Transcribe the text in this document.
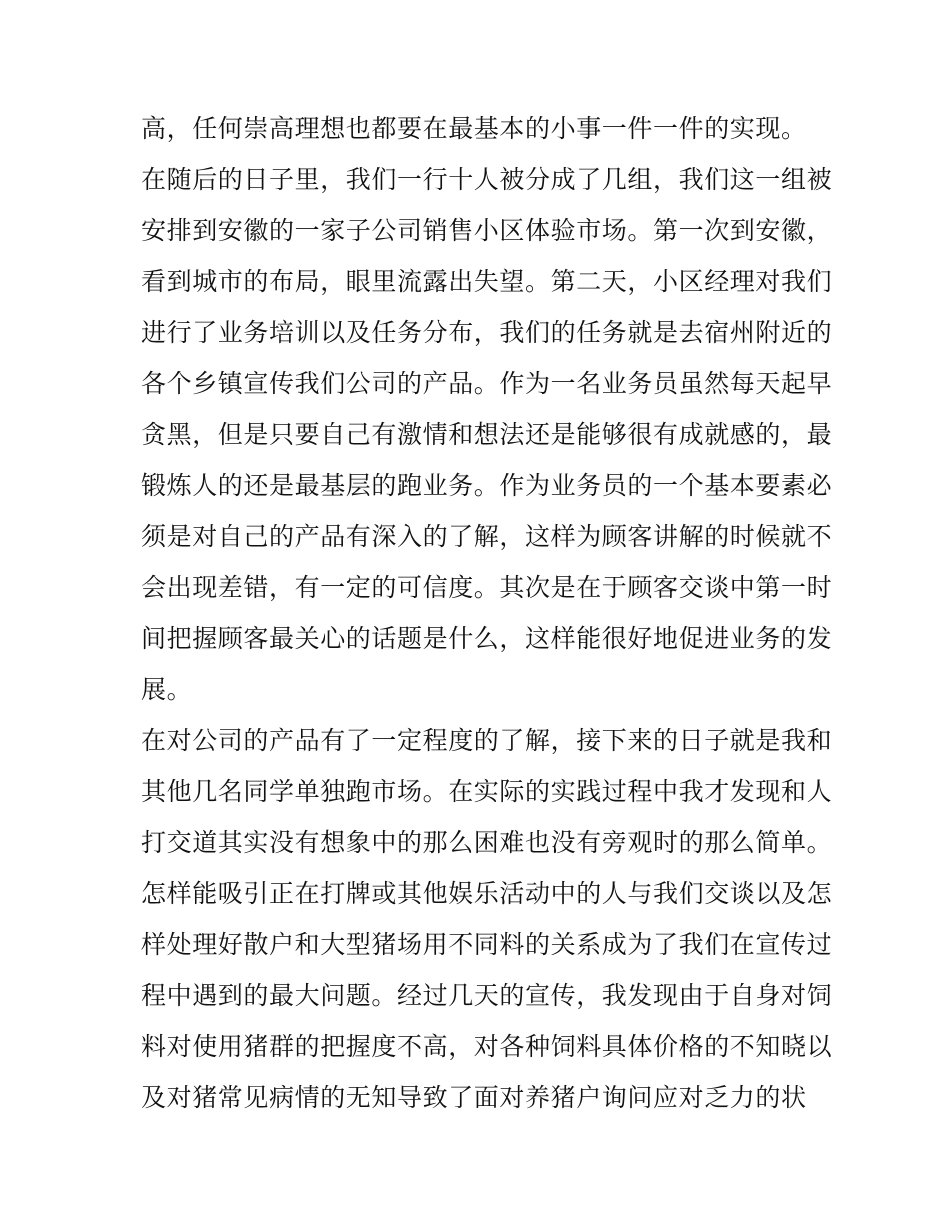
高，任何崇高理想也都要在最基本的小事一件一件的实现。
在随后的日子里，我们一行十人被分成了几组，我们这一组被
安排到安徽的一家子公司销售小区体验市场。第一次到安徽，
看到城市的布局，眼里流露出失望。第二天，小区经理对我们
进行了业务培训以及任务分布，我们的任务就是去宿州附近的
各个乡镇宣传我们公司的产品。作为一名业务员虽然每天起早
贪黑，但是只要自己有激情和想法还是能够很有成就感的，最
锻炼人的还是最基层的跑业务。作为业务员的一个基本要素必
须是对自己的产品有深入的了解，这样为顾客讲解的时候就不
会出现差错，有一定的可信度。其次是在于顾客交谈中第一时
间把握顾客最关心的话题是什么，这样能很好地促进业务的发
展。
在对公司的产品有了一定程度的了解，接下来的日子就是我和
其他几名同学单独跑市场。在实际的实践过程中我才发现和人
打交道其实没有想象中的那么困难也没有旁观时的那么简单。
怎样能吸引正在打牌或其他娱乐活动中的人与我们交谈以及怎
样处理好散户和大型猪场用不同料的关系成为了我们在宣传过
程中遇到的最大问题。经过几天的宣传，我发现由于自身对饲
料对使用猪群的把握度不高，对各种饲料具体价格的不知晓以
及对猪常见病情的无知导致了面对养猪户询问应对乏力的状
